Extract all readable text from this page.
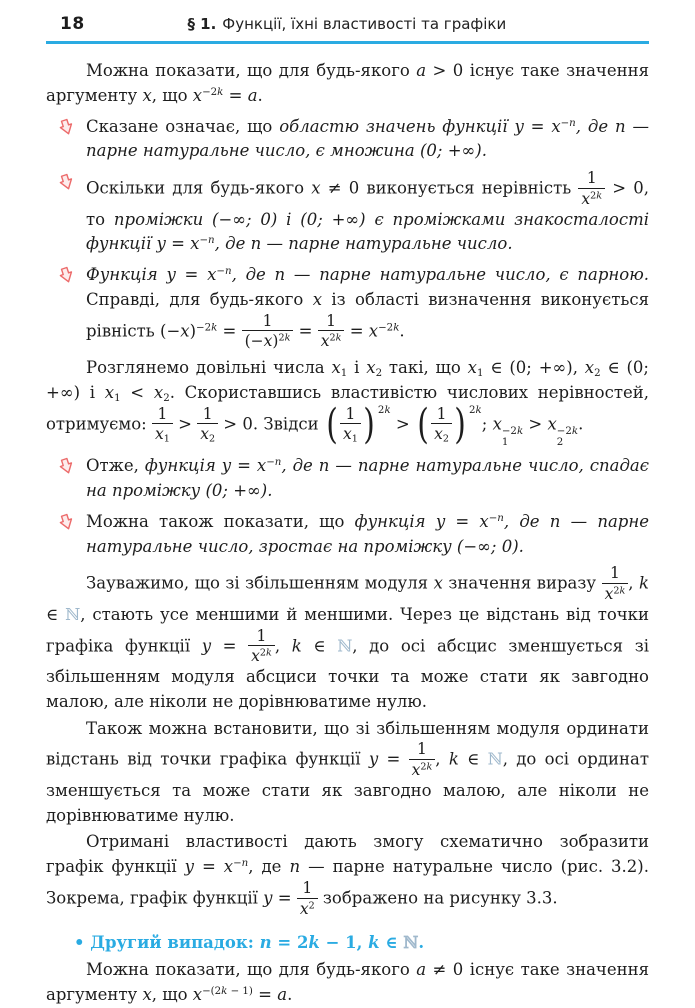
18	§ 1. Функції, їхні властивості та графіки
Можна показати, що для будь-якого a > 0 існує таке значення аргументу x, що $x^{-2k} = a$.
Сказане означає, що областю значень функції $y = x^{-n}$, де n — парне натуральне число, є множина (0; +∞).
Оскільки для будь-якого x ≠ 0 виконується нерівність $\frac{1}{x^{2k}} > 0$, то проміжки (−∞; 0) і (0; +∞) є проміжками знакосталості функції $y = x^{-n}$, де n — парне натуральне число.
Функція $y = x^{-n}$, де n — парне натуральне число, є парною. Справді, для будь-якого x із області визначення виконується рівність $(-x)^{-2k} = \frac{1}{(-x)^{2k}} = \frac{1}{x^{2k}} = x^{-2k}$.
Розглянемо довільні числа $x_1$ і $x_2$ такі, що $x_1$ ∈ (0; +∞), $x_2$ ∈ (0; +∞) і $x_1 < x_2$. Скориставшись властивістю числових нерівностей, отримуємо: $\frac{1}{x_1} > \frac{1}{x_2} > 0$. Звідси ( $\frac{1}{x_1}$ ) 2k
> ( $\frac{1}{x_2}$ ) 2k
; x −2k
1
> x −2k
2
.
Отже, функція $y = x^{-n}$, де n — парне натуральне число, спадає на проміжку (0; +∞).
Можна також показати, що функція $y = x^{-n}$, де n — парне натуральне число, зростає на проміжку (−∞; 0).
Зауважимо, що зі збільшенням модуля x значення виразу $\frac{1}{x^{2k}}$ , k ∈ ℕ, стають усе меншими й меншими. Через це відстань від точки графіка функції $y = \frac{1}{x^{2k}}$ , k ∈ ℕ, до осі абсцис зменшується зі збільшенням модуля абсциси точки та може стати як завгодно малою, але ніколи не дорівнюватиме нулю.
Також можна встановити, що зі збільшенням модуля ординати відстань від точки графіка функції $y = \frac{1}{x^{2k}}$ , k ∈ ℕ, до осі ординат зменшується та може стати як завгодно малою, але ніколи не дорівнюватиме нулю.
Отримані властивості дають змогу схематично зобразити графік функції $y = x^{-n}$, де n — парне натуральне число (рис. 3.2). Зокрема, графік функції $y = \frac{1}{x^2}$ зображено на рисунку 3.3.
• Другий випадок: n = 2k − 1, k ∈ ℕ.
Можна показати, що для будь-якого a ≠ 0 існує таке значення аргументу x, що $x^{-(2k - 1)} = a$.
